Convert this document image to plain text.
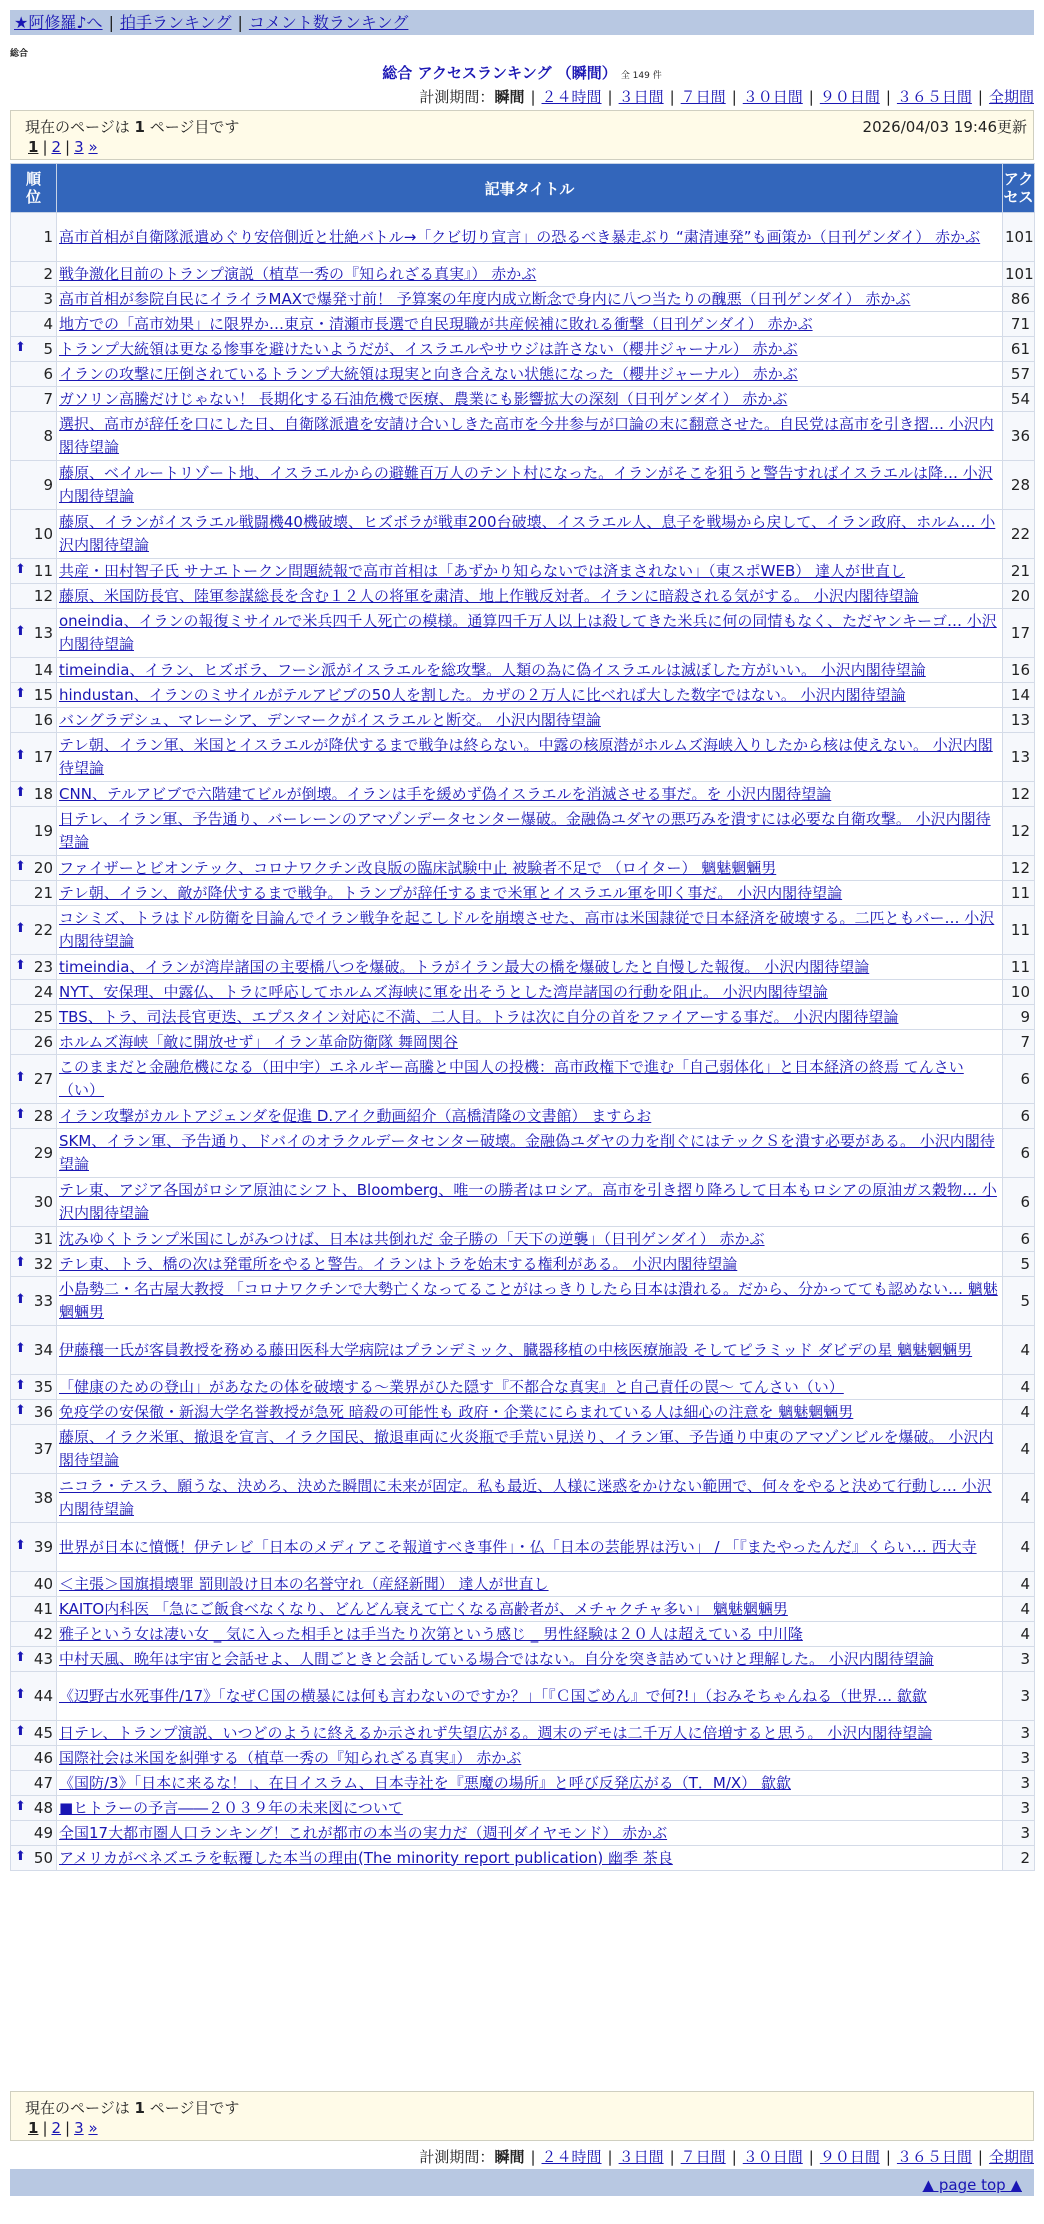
★阿修羅♪へ | 拍手ランキング | コメント数ランキング
総合
総合 アクセスランキング （瞬間） 全 149 件
計測期間：瞬間 | ２４時間 | ３日間 | ７日間 | ３０日間 | ９０日間 | ３６５日間 | 全期間
現在のページは 1 ページ目です	2026/04/03 19:46更新
1 | 2 | 3 »
順位	記事タイトル	アクセス
1	高市首相が自衛隊派遣めぐり安倍側近と壮絶バトル→「クビ切り宣言」の恐るべき暴走ぶり “粛清連発”も画策か（日刊ゲンダイ） 赤かぶ	101
2	戦争激化目前のトランプ演説（植草一秀の『知られざる真実』） 赤かぶ	101
3	高市首相が参院自民にイライラMAXで爆発寸前！ 予算案の年度内成立断念で身内に八つ当たりの醜悪（日刊ゲンダイ） 赤かぶ	86
4	地方での「高市効果」に限界か…東京・清瀬市長選で自民現職が共産候補に敗れる衝撃（日刊ゲンダイ） 赤かぶ	71

⬆ 5	トランプ大統領は更なる惨事を避けたいようだが、イスラエルやサウジは許さない（櫻井ジャーナル） 赤かぶ	61
6	イランの攻撃に圧倒されているトランプ大統領は現実と向き合えない状態になった（櫻井ジャーナル） 赤かぶ	57
7	ガソリン高騰だけじゃない！ 長期化する石油危機で医療、農業にも影響拡大の深刻（日刊ゲンダイ） 赤かぶ	54
8	選択、高市が辞任を口にした日、自衛隊派遣を安請け合いしきた高市を今井参与が口論の末に翻意させた。自民党は高市を引き摺… 小沢内閣待望論	36
9	藤原、ベイルートリゾート地、イスラエルからの避難百万人のテント村になった。イランがそこを狙うと警告すればイスラエルは降… 小沢内閣待望論	28
10	藤原、イランがイスラエル戦闘機40機破壊、ヒズボラが戦車200台破壊、イスラエル人、息子を戦場から戻して、イラン政府、ホルム… 小沢内閣待望論	22

⬆ 11	共産・田村智子氏 サナエトークン問題続報で高市首相は「あずかり知らないでは済まされない」（東スポWEB） 達人が世直し	21
12	藤原、米国防長官、陸軍参謀総長を含む１２人の将軍を粛清、地上作戦反対者。イランに暗殺される気がする。 小沢内閣待望論	20

⬆ 13	oneindia、イランの報復ミサイルで米兵四千人死亡の模様。通算四千万人以上は殺してきた米兵に何の同情もなく、ただヤンキーゴ… 小沢内閣待望論	17
14	timeindia、イラン、ヒズボラ、フーシ派がイスラエルを総攻撃。人類の為に偽イスラエルは滅ぼした方がいい。 小沢内閣待望論	16

⬆ 15	hindustan、イランのミサイルがテルアビブの50人を割した。カザの２万人に比べれば大した数字ではない。 小沢内閣待望論	14
16	バングラデシュ、マレーシア、デンマークがイスラエルと断交。 小沢内閣待望論	13

⬆ 17	テレ朝、イラン軍、米国とイスラエルが降伏するまで戦争は終らない。中露の核原潜がホルムズ海峡入りしたから核は使えない。 小沢内閣待望論	13

⬆ 18	CNN、テルアビブで六階建てビルが倒壊。イランは手を緩めず偽イスラエルを消滅させる事だ。を 小沢内閣待望論	12
19	日テレ、イラン軍、予告通り、バーレーンのアマゾンデータセンター爆破。金融偽ユダヤの悪巧みを潰すには必要な自衛攻撃。 小沢内閣待望論	12

⬆ 20	ファイザーとビオンテック、コロナワクチン改良版の臨床試験中止 被験者不足で （ロイター） 魑魅魍魎男	12
21	テレ朝、イラン、敵が降伏するまで戦争。トランプが辞任するまで米軍とイスラエル軍を叩く事だ。 小沢内閣待望論	11

⬆ 22	コシミズ、トラはドル防衛を目論んでイラン戦争を起こしドルを崩壊させた、高市は米国隷従で日本経済を破壊する。二匹ともバー… 小沢内閣待望論	11

⬆ 23	timeindia、イランが湾岸諸国の主要橋八つを爆破。トラがイラン最大の橋を爆破したと自慢した報復。 小沢内閣待望論	11
24	NYT、安保理、中露仏、トラに呼応してホルムズ海峡に軍を出そうとした湾岸諸国の行動を阻止。 小沢内閣待望論	10
25	TBS、トラ、司法長官更迭、エプスタイン対応に不満、二人目。トラは次に自分の首をファイアーする事だ。 小沢内閣待望論	9
26	ホルムズ海峡「敵に開放せず」 イラン革命防衛隊 舞岡関谷	7

⬆ 27	このままだと金融危機になる（田中宇）エネルギー高騰と中国人の投機：高市政権下で進む「自己弱体化」と日本経済の終焉 てんさい（い）	6

⬆ 28	イラン攻撃がカルトアジェンダを促進 D.アイク動画紹介（高橋清隆の文書館） ますらお	6
29	SKM、イラン軍、予告通り、ドバイのオラクルデータセンター破壊。金融偽ユダヤの力を削ぐにはテックＳを潰す必要がある。 小沢内閣待望論	6
30	テレ東、アジア各国がロシア原油にシフト、Bloomberg、唯一の勝者はロシア。高市を引き摺り降ろして日本もロシアの原油ガス穀物… 小沢内閣待望論	6
31	沈みゆくトランプ米国にしがみつけば、日本は共倒れだ 金子勝の「天下の逆襲」（日刊ゲンダイ） 赤かぶ	6

⬆ 32	テレ東、トラ、橋の次は発電所をやると警告。イランはトラを始末する権利がある。 小沢内閣待望論	5

⬆ 33	小島勢二・名古屋大教授 「コロナワクチンで大勢亡くなってることがはっきりしたら日本は潰れる。だから、分かってても認めない… 魑魅魍魎男	5

⬆ 34	伊藤穰一氏が客員教授を務める藤田医科大学病院はプランデミック、臓器移植の中核医療施設 そしてピラミッド ダビデの星 魑魅魍魎男	4

⬆ 35	「健康のための登山」があなたの体を破壊する～業界がひた隠す『不都合な真実』と自己責任の罠～ てんさい（い）	4

⬆ 36	免疫学の安保徹・新潟大学名誉教授が急死 暗殺の可能性も 政府・企業ににらまれている人は細心の注意を 魑魅魍魎男	4
37	藤原、イラク米軍、撤退を宣言、イラク国民、撤退車両に火炎瓶で手荒い見送り、イラン軍、予告通り中東のアマゾンビルを爆破。 小沢内閣待望論	4
38	ニコラ・テスラ、願うな、決めろ、決めた瞬間に未来が固定。私も最近、人様に迷惑をかけない範囲で、何々をやると決めて行動し… 小沢内閣待望論	4

⬆ 39	世界が日本に憤慨！伊テレビ「日本のメディアこそ報道すべき事件」・仏「日本の芸能界は汚い」 / 「『またやったんだ』くらい… 西大寺	4
40	＜主張＞国旗損壊罪 罰則設け日本の名誉守れ（産経新聞） 達人が世直し	4
41	KAITO内科医 「急にご飯食べなくなり、どんどん衰えて亡くなる高齢者が、メチャクチャ多い」 魑魅魍魎男	4
42	雅子という女は凄い女 _ 気に入った相手とは手当たり次第という感じ _ 男性経験は２０人は超えている 中川隆	4

⬆ 43	中村天風、晩年は宇宙と会話せよ、人間ごときと会話している場合ではない。自分を突き詰めていけと理解した。 小沢内閣待望論	3

⬆ 44	《辺野古水死事件/17》「なぜＣ国の横暴には何も言わないのですか？」「『Ｃ国ごめん』で何?!」（おみそちゃんねる（世界… 歙歙	3

⬆ 45	日テレ、トランプ演説、いつどのように終えるか示されず失望広がる。週末のデモは二千万人に倍増すると思う。 小沢内閣待望論	3
46	国際社会は米国を糾弾する（植草一秀の『知られざる真実』） 赤かぶ	3
47	《国防/3》「日本に来るな！」、在日イスラム、日本寺社を『悪魔の場所』と呼び反発広がる（T．M/X） 歙歙	3

⬆ 48	■ヒトラーの予言――２０３９年の未来図について	3
49	全国17大都市圏人口ランキング！これが都市の本当の実力だ（週刊ダイヤモンド） 赤かぶ	3

⬆ 50	アメリカがベネズエラを転覆した本当の理由(The minority report publication) 幽季 茶良	2
現在のページは 1 ページ目です
1 | 2 | 3 »
計測期間：瞬間 | ２４時間 | ３日間 | ７日間 | ３０日間 | ９０日間 | ３６５日間 | 全期間
▲ page top ▲
